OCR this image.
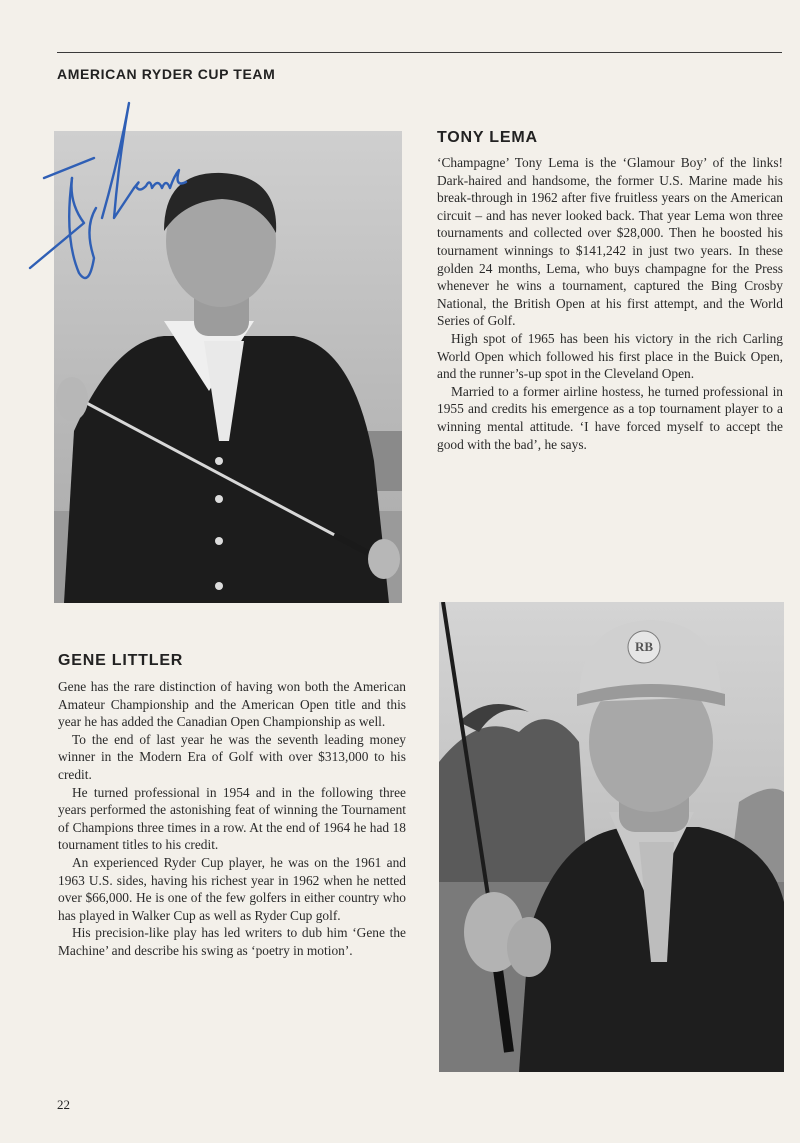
AMERICAN RYDER CUP TEAM
TONY LEMA

‘Champagne’ Tony Lema is the ‘Glamour Boy’ of the links! Dark-haired and handsome, the former U.S. Marine made his break-through in 1962 after five fruitless years on the American circuit – and has never looked back. That year Lema won three tournaments and collected over $28,000. Then he boosted his tournament winnings to $141,242 in just two years. In these golden 24 months, Lema, who buys champagne for the Press whenever he wins a tournament, captured the Bing Crosby National, the British Open at his first attempt, and the World Series of Golf.

High spot of 1965 has been his victory in the rich Carling World Open which followed his first place in the Buick Open, and the runner’s-up spot in the Cleveland Open.

Married to a former airline hostess, he turned professional in 1955 and credits his emergence as a top tournament player to a winning mental attitude. ‘I have forced myself to accept the good with the bad’, he says.

GENE LITTLER

Gene has the rare distinction of having won both the American Amateur Championship and the American Open title and this year he has added the Canadian Open Championship as well.

To the end of last year he was the seventh leading money winner in the Modern Era of Golf with over $313,000 to his credit.

He turned professional in 1954 and in the following three years performed the astonishing feat of winning the Tournament of Champions three times in a row. At the end of 1964 he had 18 tournament titles to his credit.

An experienced Ryder Cup player, he was on the 1961 and 1963 U.S. sides, having his richest year in 1962 when he netted over $66,000. He is one of the few golfers in either country who has played in Walker Cup as well as Ryder Cup golf.

His precision-like play has led writers to dub him ‘Gene the Machine’ and describe his swing as ‘poetry in motion’.

RB
22
